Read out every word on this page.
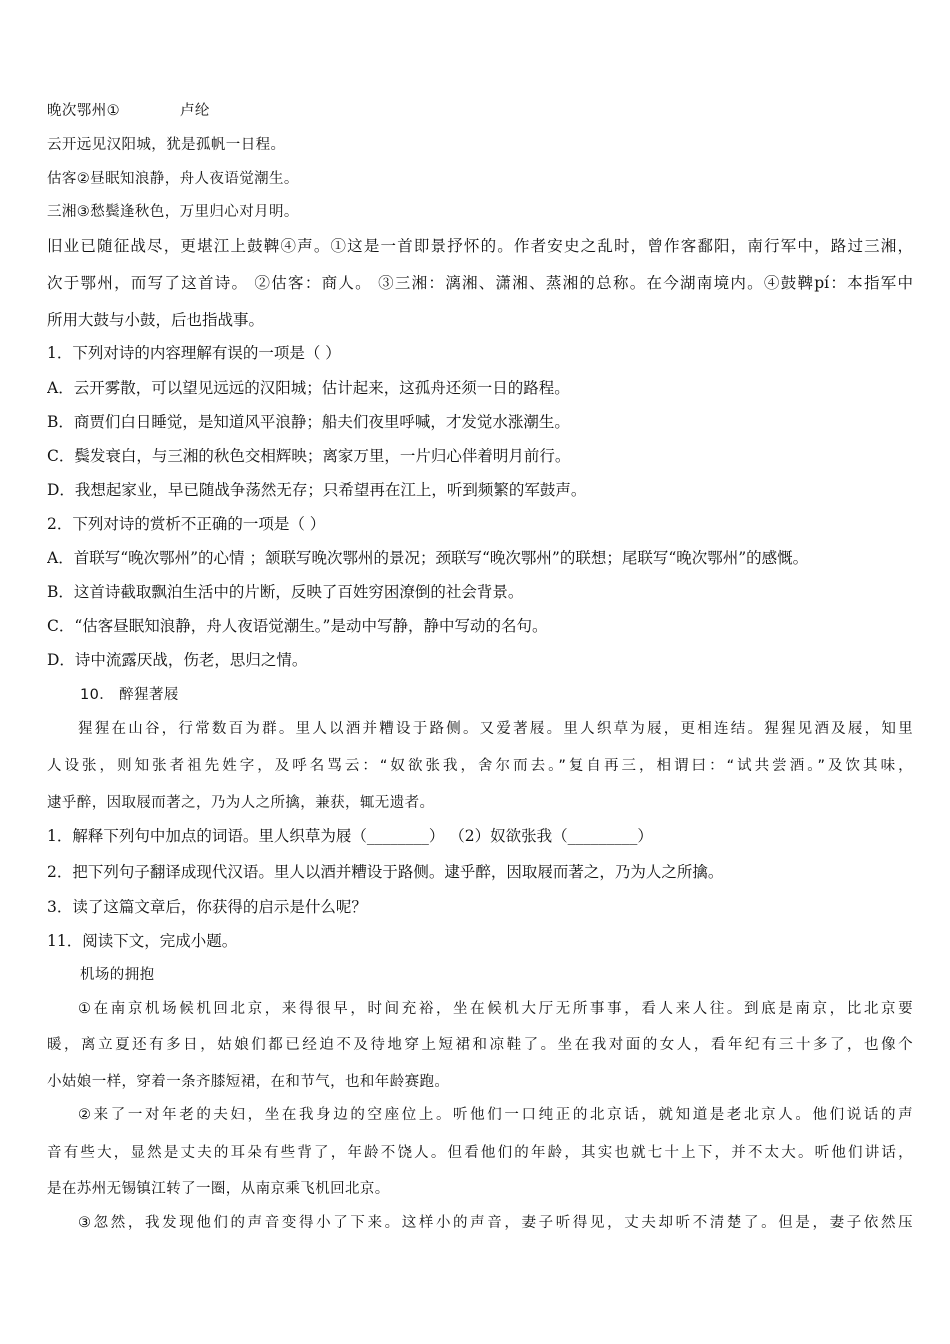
晚次鄂州①	卢纶
云开远见汉阳城，犹是孤帆一日程。
估客②昼眠知浪静，舟人夜语觉潮生。
三湘③愁鬓逢秋色，万里归心对月明。
旧业已随征战尽，更堪江上鼓鞞④声。①这是一首即景抒怀的。作者安史之乱时，曾作客鄱阳，南行军中，路过三湘，
次于鄂州，而写了这首诗。 ②估客：商人。 ③三湘：漓湘、潇湘、蒸湘的总称。在今湖南境内。④鼓鞞pí：本指军中
所用大鼓与小鼓，后也指战事。
1．下列对诗的内容理解有误的一项是（ ）
A．云开雾散，可以望见远远的汉阳城；估计起来，这孤舟还须一日的路程。
B．商贾们白日睡觉，是知道风平浪静；船夫们夜里呼喊，才发觉水涨潮生。
C．鬓发衰白，与三湘的秋色交相辉映；离家万里，一片归心伴着明月前行。
D．我想起家业，早已随战争荡然无存；只希望再在江上，听到频繁的军鼓声。
2．下列对诗的赏析不正确的一项是（ ）
A．首联写“晚次鄂州”的心情 ；颔联写晚次鄂州的景况；颈联写“晚次鄂州”的联想；尾联写“晚次鄂州”的感慨。
B．这首诗截取飘泊生活中的片断，反映了百姓穷困潦倒的社会背景。
C．“估客昼眠知浪静，舟人夜语觉潮生。”是动中写静，静中写动的名句。
D．诗中流露厌战，伤老，思归之情。
10． 醉猩著屐
猩猩在山谷，行常数百为群。里人以酒并糟设于路侧。又爱著屐。里人织草为屐，更相连结。猩猩见酒及屐，知里
人设张，则知张者祖先姓字，及呼名骂云：“奴欲张我，舍尔而去。”复自再三，相谓曰：“试共尝酒。”及饮其味，
逮乎醉，因取屐而著之，乃为人之所擒，兼获，辄无遗者。
1．解释下列句中加点的词语。里人织草为屐（________） （2）奴欲张我（_________）
2．把下列句子翻译成现代汉语。里人以酒并糟设于路侧。逮乎醉，因取屐而著之，乃为人之所擒。
3．读了这篇文章后，你获得的启示是什么呢？
11．阅读下文，完成小题。
机场的拥抱
①在南京机场候机回北京，来得很早，时间充裕，坐在候机大厅无所事事，看人来人往。到底是南京，比北京要
暖，离立夏还有多日，姑娘们都已经迫不及待地穿上短裙和凉鞋了。坐在我对面的女人，看年纪有三十多了，也像个
小姑娘一样，穿着一条齐膝短裙，在和节气，也和年龄赛跑。
②来了一对年老的夫妇，坐在我身边的空座位上。听他们一口纯正的北京话，就知道是老北京人。他们说话的声
音有些大，显然是丈夫的耳朵有些背了，年龄不饶人。但看他们的年龄，其实也就七十上下，并不太大。听他们讲话，
是在苏州无锡镇江转了一圈，从南京乘飞机回北京。
③忽然，我发现他们的声音变得小了下来。这样小的声音，妻子听得见，丈夫却听不清楚了。但是，妻子依然压
